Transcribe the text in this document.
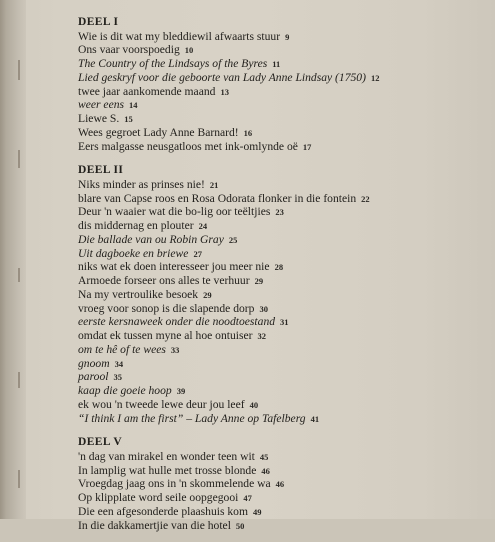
DEEL I
Wie is dit wat my bleddiewil afwaarts stuur 9
Ons vaar voorspoedig 10
The Country of the Lindsays of the Byres 11
Lied geskryf voor die geboorte van Lady Anne Lindsay (1750) 12
twee jaar aankomende maand 13
weer eens 14
Liewe S. 15
Wees gegroet Lady Anne Barnard! 16
Eers malgasse neusgatloos met ink-omlynde oë 17
DEEL II
Niks minder as prinses nie! 21
blare van Capse roos en Rosa Odorata flonker in die fontein 22
Deur 'n waaier wat die bo-lig oor teëltjies 23
dis middernag en plouter 24
Die ballade van ou Robin Gray 25
Uit dagboeke en briewe 27
niks wat ek doen interesseer jou meer nie 28
Armoede forseer ons alles te verhuur 29
Na my vertroulike besoek 29
vroeg voor sonop is die slapende dorp 30
eerste kersnaweek onder die noodtoestand 31
omdat ek tussen myne al hoe ontuiser 32
om te hê of te wees 33
gnoom 34
parool 35
kaap die goeie hoop 39
ek wou 'n tweede lewe deur jou leef 40
“I think I am the first” – Lady Anne op Tafelberg 41
DEEL V
'n dag van mirakel en wonder teen wit 45
In lamplig wat hulle met trosse blonde 46
Vroegdag jaag ons in 'n skommelende wa 46
Op klipplate word seile oopgegooi 47
Die een afgesonderde plaashuis kom 49
In die dakkamertjie van die hotel 50
